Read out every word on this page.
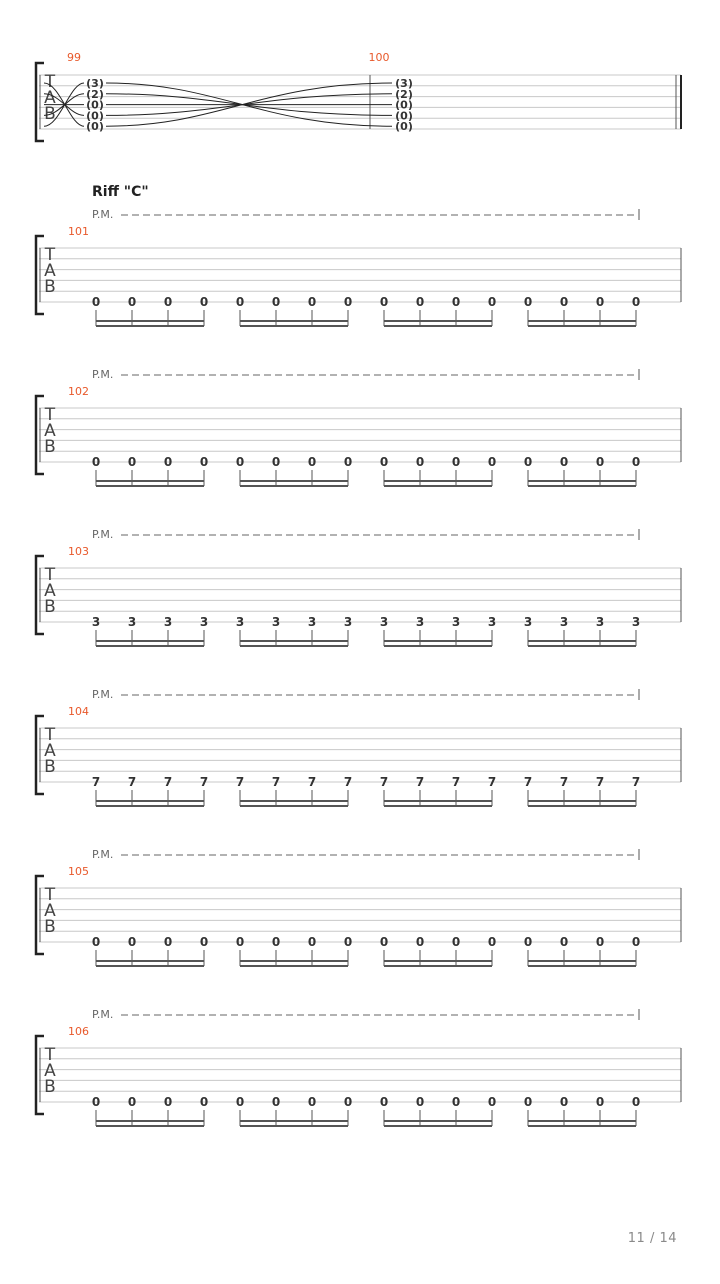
T
A
B
99
(3)
(2)
(0)
(0)
(0)
100
(3)
(2)
(0)
(0)
(0)
Riff "C"
P.M.
101
T
A
B
0 0 0 0 0 0 0 0 0 0 0 0 0 0 0 0
P.M.
102
T
A
B
0 0 0 0 0 0 0 0 0 0 0 0 0 0 0 0
P.M.
103
T
A
B
3 3 3 3 3 3 3 3 3 3 3 3 3 3 3 3
P.M.
104
T
A
B
7 7 7 7 7 7 7 7 7 7 7 7 7 7 7 7
P.M.
105
T
A
B
0 0 0 0 0 0 0 0 0 0 0 0 0 0 0 0
P.M.
106
T
A
B
0 0 0 0 0 0 0 0 0 0 0 0 0 0 0 0
11 / 14
